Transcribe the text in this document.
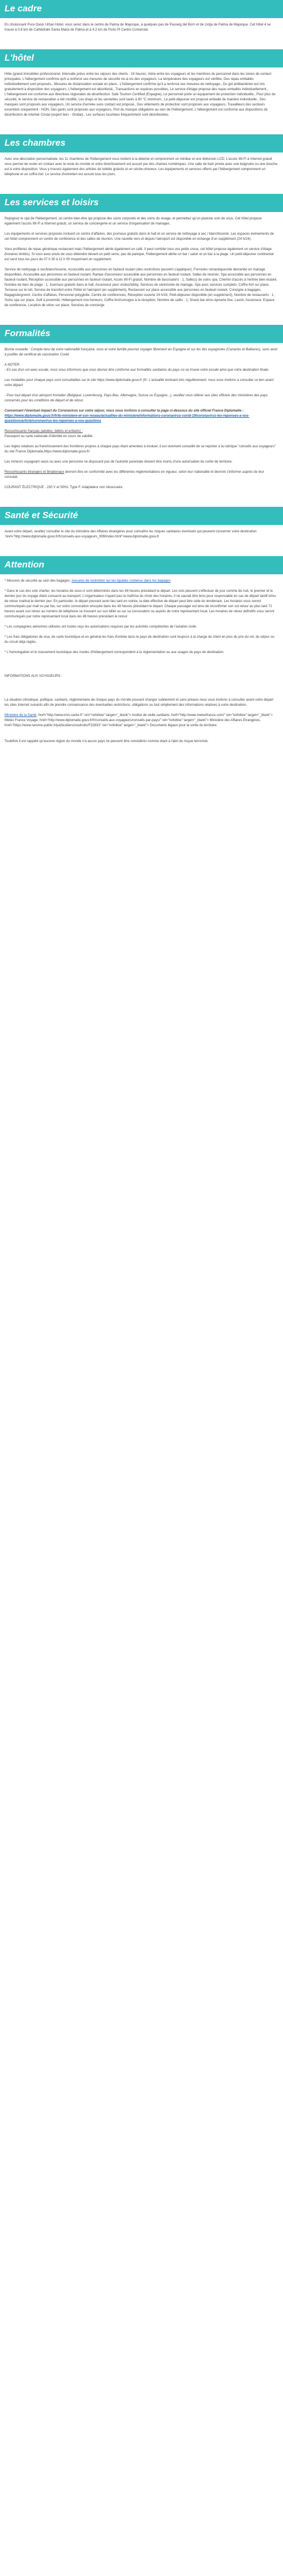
Le cadre

En choisissant Pura Oasis Urban Hotel, vous serez dans le centre de Palma de Majorque, à quelques pas de Passeig del Born et de Llotja de Palma de Majorque. Cet hôtel 4 se trouve à 0,8 km de Cathédrale Santa Maria de Palma et à 4,2 km de Porto Pi Centro Comercial.

L'hôtel

Hôte (grand immobilier professionnel, Intervalle prévu entre les séjours des clients : 24 heures, Votre entre les voyageurs et les membres du personnel dans les zones de contact principales, L'hébergement confirme qu'il a renforcé ses mesures de sécurité vis-à-vis des voyageurs, La température des voyageurs est vérifiée, Des repas emballés individuellement sont proposés., Mesures de distanciation sociale en place., L'hébergement confirme qu'il a renforcé ses mesures de nettoyage., Du gel antibactérien est mis gratuitement à disposition des voyageurs, L'hébergement est désinfecté., Transactions en espèces possibles, Le service d'étage propose des repas emballés individuellement., L'hébergement est conforme aux directives régionales de désinfection. Safe Tourism Certified (Espagne), Le personnel porte un équipement de protection individuelle., Pour plus de sécurité, le service de restauration a été modifié, Les draps et les serviettes sont lavés à 60 °C minimum., Le petit-déjeuner est proposé emballé de manière individuelle., Des masques sont proposés aux voyageurs, Un service d'arrivée sans contact est proposé., Des vêtements de protection sont proposés aux voyageurs, Travailleurs des secteurs essentiels uniquement - NON, Des gants sont proposés aux voyageurs, Port du masque obligatoire au sein de l'hébergement, L'hébergement est conforme aux dispositions de désinfection de Intertek Cristal (expert tiers - Global)., Les surfaces touchées fréquemment sont désinfectées.

Les chambres

Avec une décoration personnalisée, les 11 chambres de l'hébergement vous invitent à la détente et comprennent un minibar et une télévision LCD. L'accès Wi-Fi à Internet gratuit vous permet de rester en contact avec le reste du monde et votre divertissement est assuré par des chaînes numériques. Une salle de bain privée avec une baignoire ou une douche est à votre disposition. Vous y trouvez également des articles de toilette gratuits et un sèche-cheveux. Les équipements et services offerts par l'hébergement comprennent un téléphone et un coffre-fort. Le service d'entretien est assuré tous les jours.

Les services et loisirs

Rejoignez le spa de l'hébergement, un centre bien-être qui propose des soins corporels et des soins du visage, et permettez qu'un pianiste soin de vous. Cet hôtel propose également l'accès Wi-Fi à Internet gratuit, un service de conciergerie et un service d'organisation de mariages.

Les équipements et services proposés incluent un centre d'affaires, des journaux gratuits dans le hall et un service de nettoyage à sec / blanchisserie. Les espaces événements de cet hôtel comprennent un centre de conférence et des salles de réunion. Une navette vers et depuis l'aéroport est disponible en échange d'un supplément (24 h/24).

Vous profiterez de repas générique restaurant mais l'hébergement abrite également un café. Il peut combler tous vos petits creux, cet hôtel propose également un service d'étage (horaires limités). Si vous avez envie de vous détendre devant un petit verre, pas de panique, l'hébergement abrite un bar / salon et un bar à la plage. Un petit-déjeuner continental est servi tous les jours de 07 h 30 à 11 h 00 moyennant un supplément.

Service de nettoyage à sec/blanchisserie, Accessible aux personnes en fauteuil roulant (des restrictions peuvent s'appliquer), Formules romantiques/de demande en mariage disponibles, Accessible aux personnes en fauteuil roulant, Rampe d'ascenseur accessible aux personnes en fauteuil roulant, Salles de réunion, Spa accessible aux personnes en fauteuil roulant, Réception accessible aux personnes en fauteuil roulant, Accès Wi-Fi gratuit, Nombre de bars/salons : 1, Salle(s) de soins spa, Chemin d'accès à l'entrée bien éclairé, Nombre de bars de plage : 1, Journaux gratuits dans le hall, Ascenseur pour visites/lobby, Services de cérémonie de mariage, Spa avec services complets, Coffre-fort sur place, Terrasse sur le toit, Service de transfert entre l'hôtel et l'aéroport (en supplément), Restaurant sur place accessible aux personnes en fauteuil roulant, Consigne à bagages, Bagagiste/groom, Centre d'affaires, Personnel polyglotte, Centre de conférences, Réception ouverte 24 h/24, Petit-déjeuner disponible (en supplément), Nombre de restaurants : 1, Soins spa sur place, Golf à proximité, Hébergement non-fumeurs, Coffre-fort/consigne à la réception, Nombre de cafés : 1, Snack bar et/ou épicerie fine, Lavoir, Ascenseur, Espace de conférence, Location de vélos sur place, Services de concierge

Formalités

Bonne nouvelle : Compte tenu de votre nationalité française, vous et votre famille pourrez voyager librement en Espagne et sur les îles espagnoles (Canaries et Baléares), sans avoir à justifier de certificat de vaccination Covid.

A NOTER

- En cas d'un vol avec escale, nous vous informons que vous devrez être conforme aux formalités sanitaires du pays où se trouve votre escale ainsi que votre destination finale.

Les modalités pour chaque pays sont consultables sur le site https://www.diplomatie.gouv.fr (fr/. L'actualité évoluant très régulièrement, nous vous invitons à consulter ce lien avant votre départ.

- Pour tout départ d'un aéroport frontalier (Belgique, Luxembourg, Pays-Bas, Allemagne, Suisse ou Espagne...), veuillez vous référer aux sites officiels des ministères des pays concernés pour les conditions de départ et de retour.

Concernant l'éventuel impact du Coronavirus sur votre séjour, nous vous invitons à consulter la page ci-dessous du site officiel France Diplomatie :

https://www.diplomatie.gouv.fr/fr/le-ministere-et-son-reseau/actualites-du-ministere/informations-coronavirus-covid-19/coronavirus-les-reponses-a-vos-questions/article/coronavirus-les-reponses-a-vos-questions

Ressortissants français (adultes, bébés et enfants) :

Passeport ou carte nationale d'identité en cours de validité.

Les règles relatives au franchissement des frontières propres à chaque pays étant amenées à évoluer, il est vivement conseillé de se reporter à la rubrique "conseils aux voyageurs" du site France Diplomatie,https://www.diplomatie.gouv.fr/

Les mineurs voyageant seuls ou avec une personne ne disposant pas de l'autorité parentale doivent être munis d'une autorisation de sortie de territoire.

Ressortissants étrangers et binationaux devront être en conformité avec les différentes réglementations en vigueur, selon leur nationalité et devront s'informer auprès de leur consulat.

COURANT ÉLECTRIQUE : 230 V et 50Hz. Type F. Adaptateur non nécessaire.

Santé et Sécurité

Avant votre départ, veuillez consulter le site du ministère des Affaires étrangères pour connaître les risques sanitaires éventuels qui peuvent concerner votre destination :href="http://www.diplomatie.gouv.fr/fr/conseils-aux-voyageurs_909/index.html">www.diplomatie.gouv.fr

Attention

* Mesures de sécurité au sein des bagages: mesures de restriction sur les liquides contenus dans les bagages

* Dans le cas des vols charter, les horaires de ceux-ci sont déterminés dans les 48 heures précédant le départ. Les vols peuvent s'effectuer de jour comme de nuit, le premier et le dernier jour du voyage étant consacré au transport. L'organisateur n'ayant pas la maîtrise du choix des horaires, il ne saurait être tenu pour responsable en cas de départ tardif et/ou de retour matinal le dernier jour. En particulier, le départ pouvant avoir lieu tard en soirée, la date effective de départ peut être celle du lendemain. Les horaires vous seront communiqués par mail ou par fax, sur votre convocation envoyée dans les 48 heures précédant le départ. Chaque passager est tenu de reconfirmer son vol retour au plus tard 72 heures avant son retour au numéro de téléphone se trouvant sur son billet ou sur sa convocation ou auprès de notre représentant local. Les horaires de retour définitifs vous seront communiqués par notre représentant local dans les 48 heures précédant le retour.

* Les compagnies aériennes utilisées ont toutes reçu les autorisations requises par les autorités compétentes de l'aviation civile.

* Les frais obligatoires de visa, de carte touristique et en général les frais d'entrée dans le pays de destination sont toujours à la charge du client en plus du prix du vol, du séjour ou du circuit déjà réglés.

* L'homologation et le classement touristique des modes d'hébergement correspondent à la réglementation ou aux usages du pays de destination.

INFORMATIONS AUX VOYAGEURS :

La situation climatique, politique, sanitaire, réglementaire de chaque pays du monde pouvant changer subitement et sans préavis nous vous invitons à consulter avant votre départ les sites Internet suivants afin de prendre connaissance des éventuelles restrictions, obligations ou tout simplement des informations relatives à votre destination.

Ministère de la Santé, href="http://www.invs.sante.fr" rel="nofollow" target="_blank"> Institut de veille sanitaire, href="http://www.meteofrance.com/" rel="nofollow" target="_blank"> Météo France Voyage, href="http://www.diplomatie.gouv.fr/fr/conseils-aux-voyageurs/conseils-par-pays/" rel="nofollow" target="_blank"> Ministère des Affaires Etrangères, href="https://www.service-public.fr/particuliers/vosdroits/F32833" rel="nofollow" target="_blank"> Documents légaux pour la sortie du territoire.

Toutefois il est rappelé qu'aucune région du monde n'a aucun pays ne peuvent être considérés comme étant à l'abri du risque terroriste.
